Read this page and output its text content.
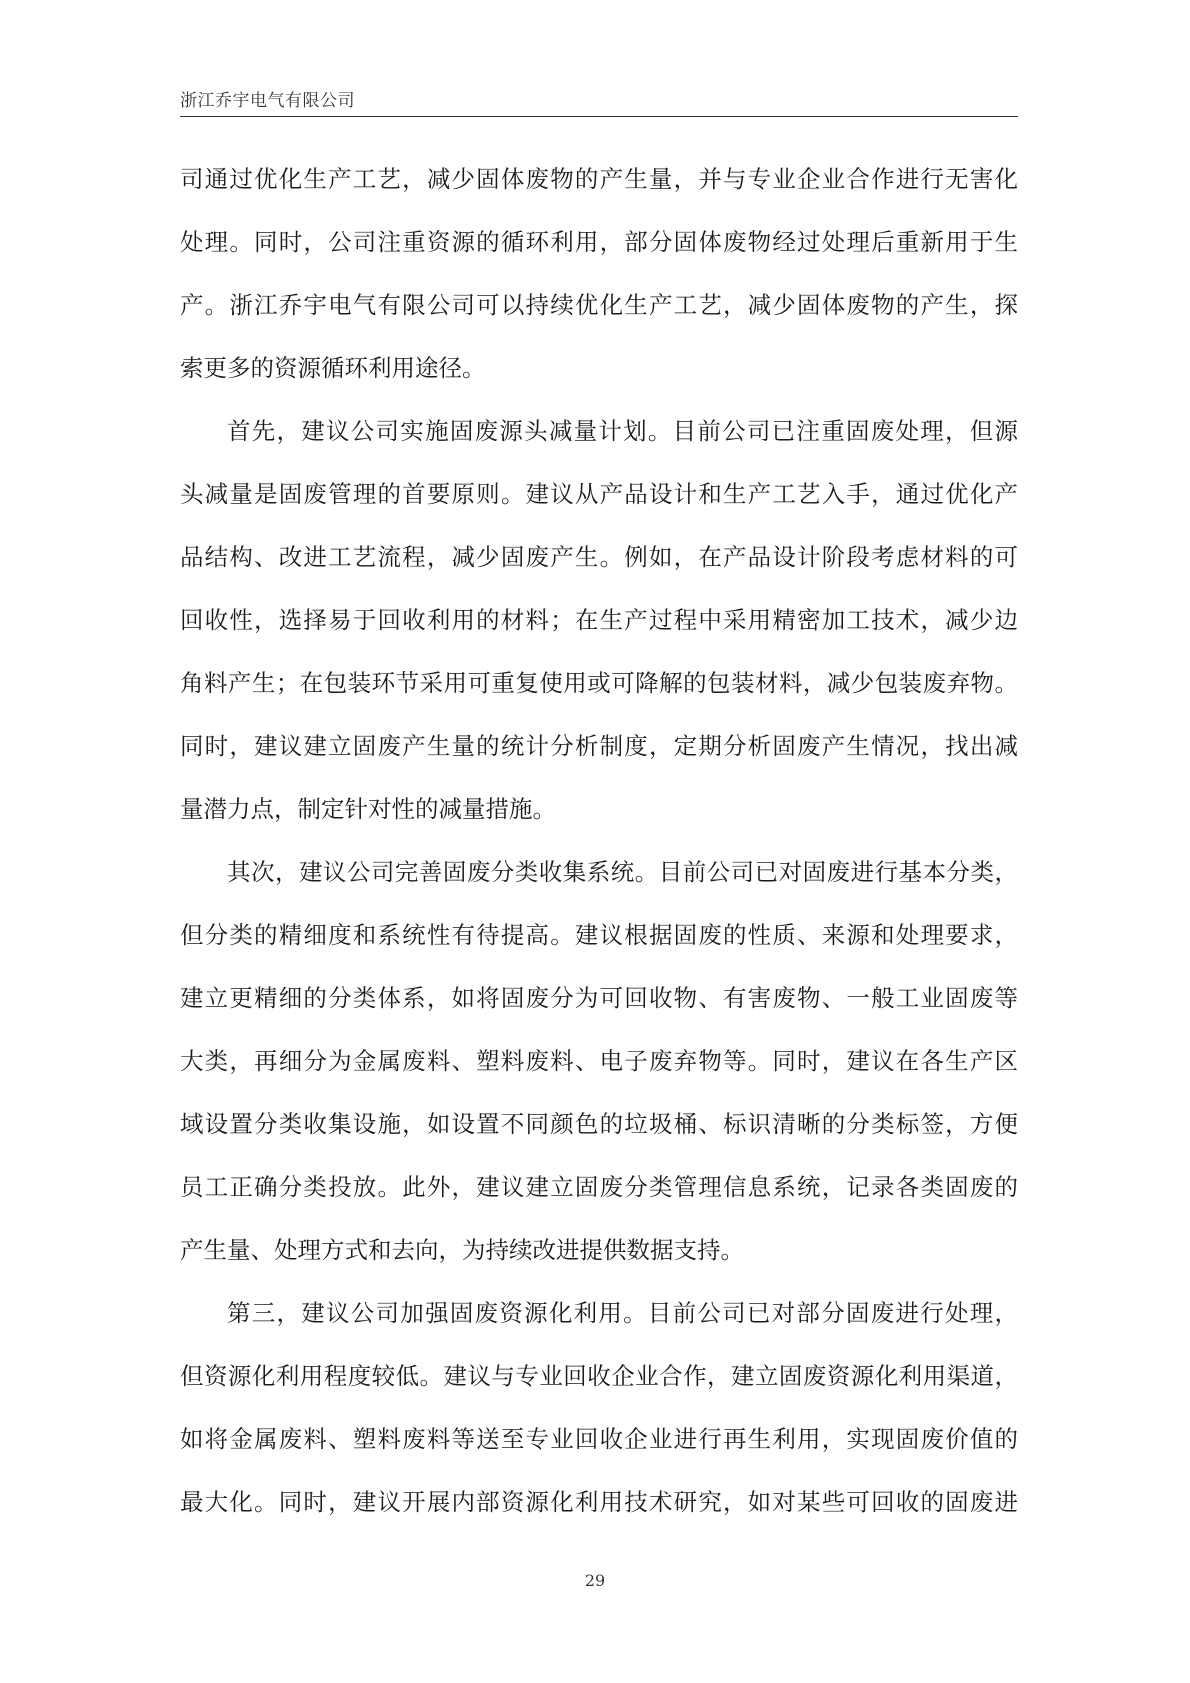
浙江乔宇电气有限公司
司通过优化生产工艺，减少固体废物的产生量，并与专业企业合作进行无害化
处理。同时，公司注重资源的循环利用，部分固体废物经过处理后重新用于生
产。浙江乔宇电气有限公司可以持续优化生产工艺，减少固体废物的产生，探
索更多的资源循环利用途径。
首先，建议公司实施固废源头减量计划。目前公司已注重固废处理，但源
头减量是固废管理的首要原则。建议从产品设计和生产工艺入手，通过优化产
品结构、改进工艺流程，减少固废产生。例如，在产品设计阶段考虑材料的可
回收性，选择易于回收利用的材料；在生产过程中采用精密加工技术，减少边
角料产生；在包装环节采用可重复使用或可降解的包装材料，减少包装废弃物。
同时，建议建立固废产生量的统计分析制度，定期分析固废产生情况，找出减
量潜力点，制定针对性的减量措施。
其次，建议公司完善固废分类收集系统。目前公司已对固废进行基本分类，
但分类的精细度和系统性有待提高。建议根据固废的性质、来源和处理要求，
建立更精细的分类体系，如将固废分为可回收物、有害废物、一般工业固废等
大类，再细分为金属废料、塑料废料、电子废弃物等。同时，建议在各生产区
域设置分类收集设施，如设置不同颜色的垃圾桶、标识清晰的分类标签，方便
员工正确分类投放。此外，建议建立固废分类管理信息系统，记录各类固废的
产生量、处理方式和去向，为持续改进提供数据支持。
第三，建议公司加强固废资源化利用。目前公司已对部分固废进行处理，
但资源化利用程度较低。建议与专业回收企业合作，建立固废资源化利用渠道，
如将金属废料、塑料废料等送至专业回收企业进行再生利用，实现固废价值的
最大化。同时，建议开展内部资源化利用技术研究，如对某些可回收的固废进
29
